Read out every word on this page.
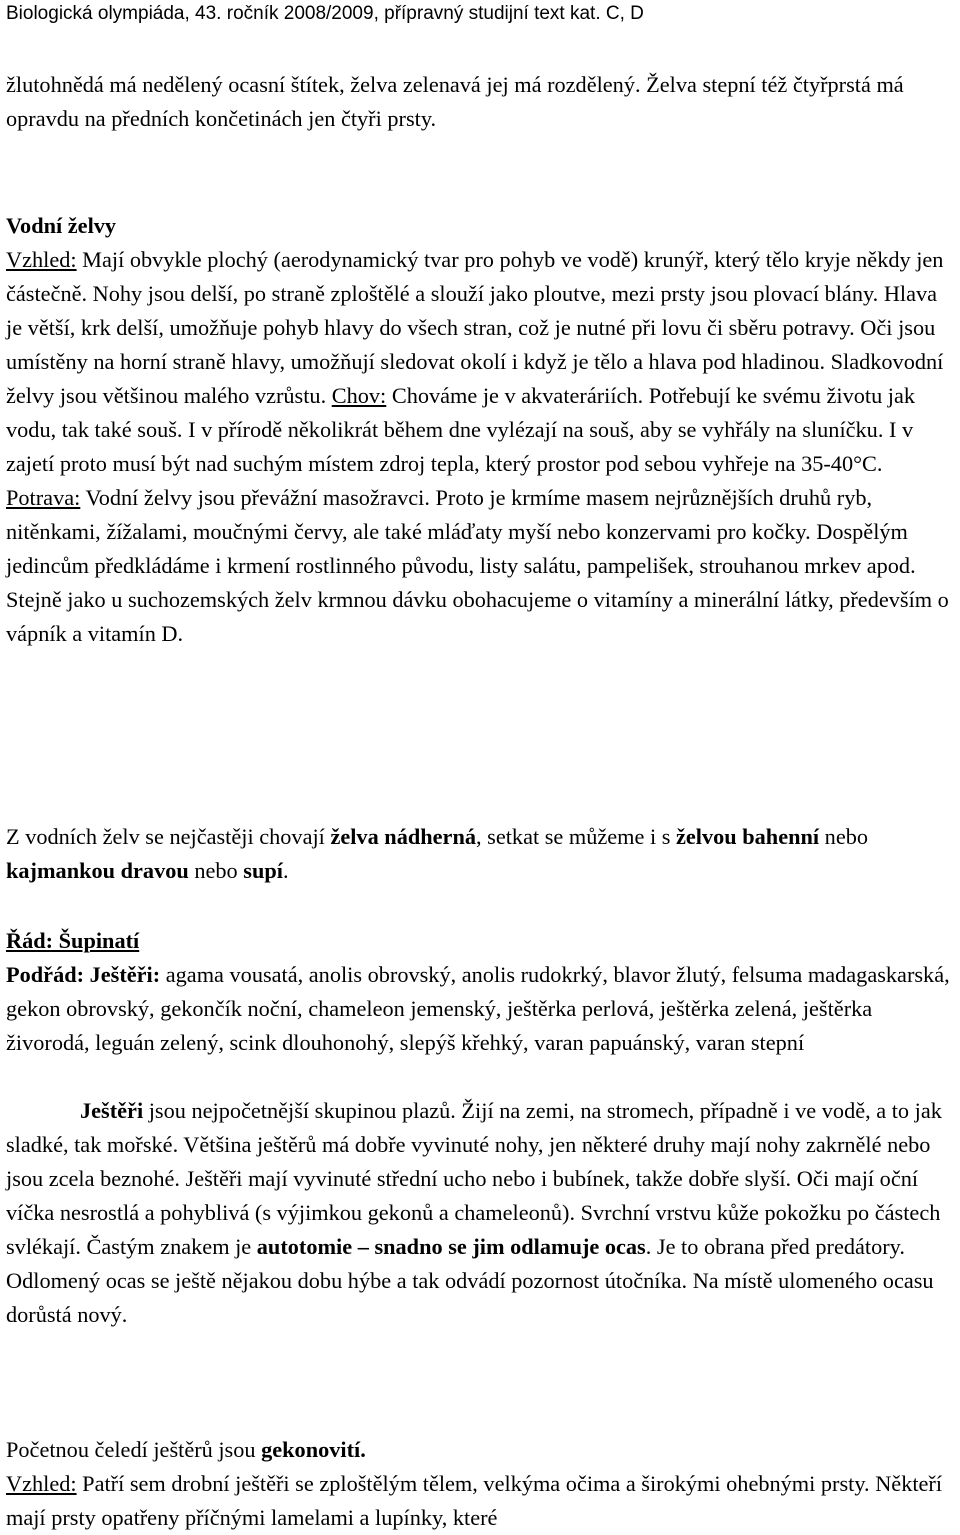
Biologická olympiáda, 43. ročník 2008/2009, přípravný studijní text kat. C, D

žlutohnědá má nedělený ocasní štítek, želva zelenavá jej má rozdělený. Želva stepní též čtyřprstá má opravdu na předních končetinách jen čtyři prsty.

Vodní želvy

Vzhled: Mají obvykle plochý (aerodynamický tvar pro pohyb ve vodě) krunýř, který tělo kryje někdy jen částečně. Nohy jsou delší, po straně zploštělé a slouží jako ploutve, mezi prsty jsou plovací blány. Hlava je větší, krk delší, umožňuje pohyb hlavy do všech stran, což je nutné při lovu či sběru potravy. Oči jsou umístěny na horní straně hlavy, umožňují sledovat okolí i když je tělo a hlava pod hladinou. Sladkovodní želvy jsou většinou malého vzrůstu. Chov: Chováme je v akvateráriích. Potřebují ke svému životu jak vodu, tak také souš. I v přírodě několikrát během dne vylézají na souš, aby se vyhřály na sluníčku. I v zajetí proto musí být nad suchým místem zdroj tepla, který prostor pod sebou vyhřeje na 35-40°C. Potrava: Vodní želvy jsou převážní masožravci. Proto je krmíme masem nejrůznějších druhů ryb, nitěnkami, žížalami, moučnými červy, ale také mláďaty myší nebo konzervami pro kočky. Dospělým jedincům předkládáme i krmení rostlinného původu, listy salátu, pampelišek, strouhanou mrkev apod. Stejně jako u suchozemských želv krmnou dávku obohacujeme o vitamíny a minerální látky, především o vápník a vitamín D.

Z vodních želv se nejčastěji chovají želva nádherná, setkat se můžeme i s želvou bahenní nebo kajmankou dravou nebo supí.

Řád: Šupinatí

Podřád: Ještěři: agama vousatá, anolis obrovský, anolis rudokrký, blavor žlutý, felsuma madagaskarská, gekon obrovský, gekončík noční, chameleon jemenský, ještěrka perlová, ještěrka zelená, ještěrka živorodá, leguán zelený, scink dlouhonohý, slepýš křehký, varan papuánský, varan stepní

Ještěři jsou nejpočetnější skupinou plazů. Žijí na zemi, na stromech, případně i ve vodě, a to jak sladké, tak mořské. Většina ještěrů má dobře vyvinuté nohy, jen některé druhy mají nohy zakrnělé nebo jsou zcela beznohé. Ještěři mají vyvinuté střední ucho nebo i bubínek, takže dobře slyší. Oči mají oční víčka nesrostlá a pohyblivá (s výjimkou gekonů a chameleonů). Svrchní vrstvu kůže pokožku po částech svlékají. Častým znakem je autotomie – snadno se jim odlamuje ocas. Je to obrana před predátory. Odlomený ocas se ještě nějakou dobu hýbe a tak odvádí pozornost útočníka. Na místě ulomeného ocasu dorůstá nový.

Početnou čeledí ještěrů jsou gekonovití.
Vzhled: Patří sem drobní ještěři se zploštělým tělem, velkýma očima a širokými ohebnými prsty. Někteří mají prsty opatřeny příčnými lamelami a lupínky, které
